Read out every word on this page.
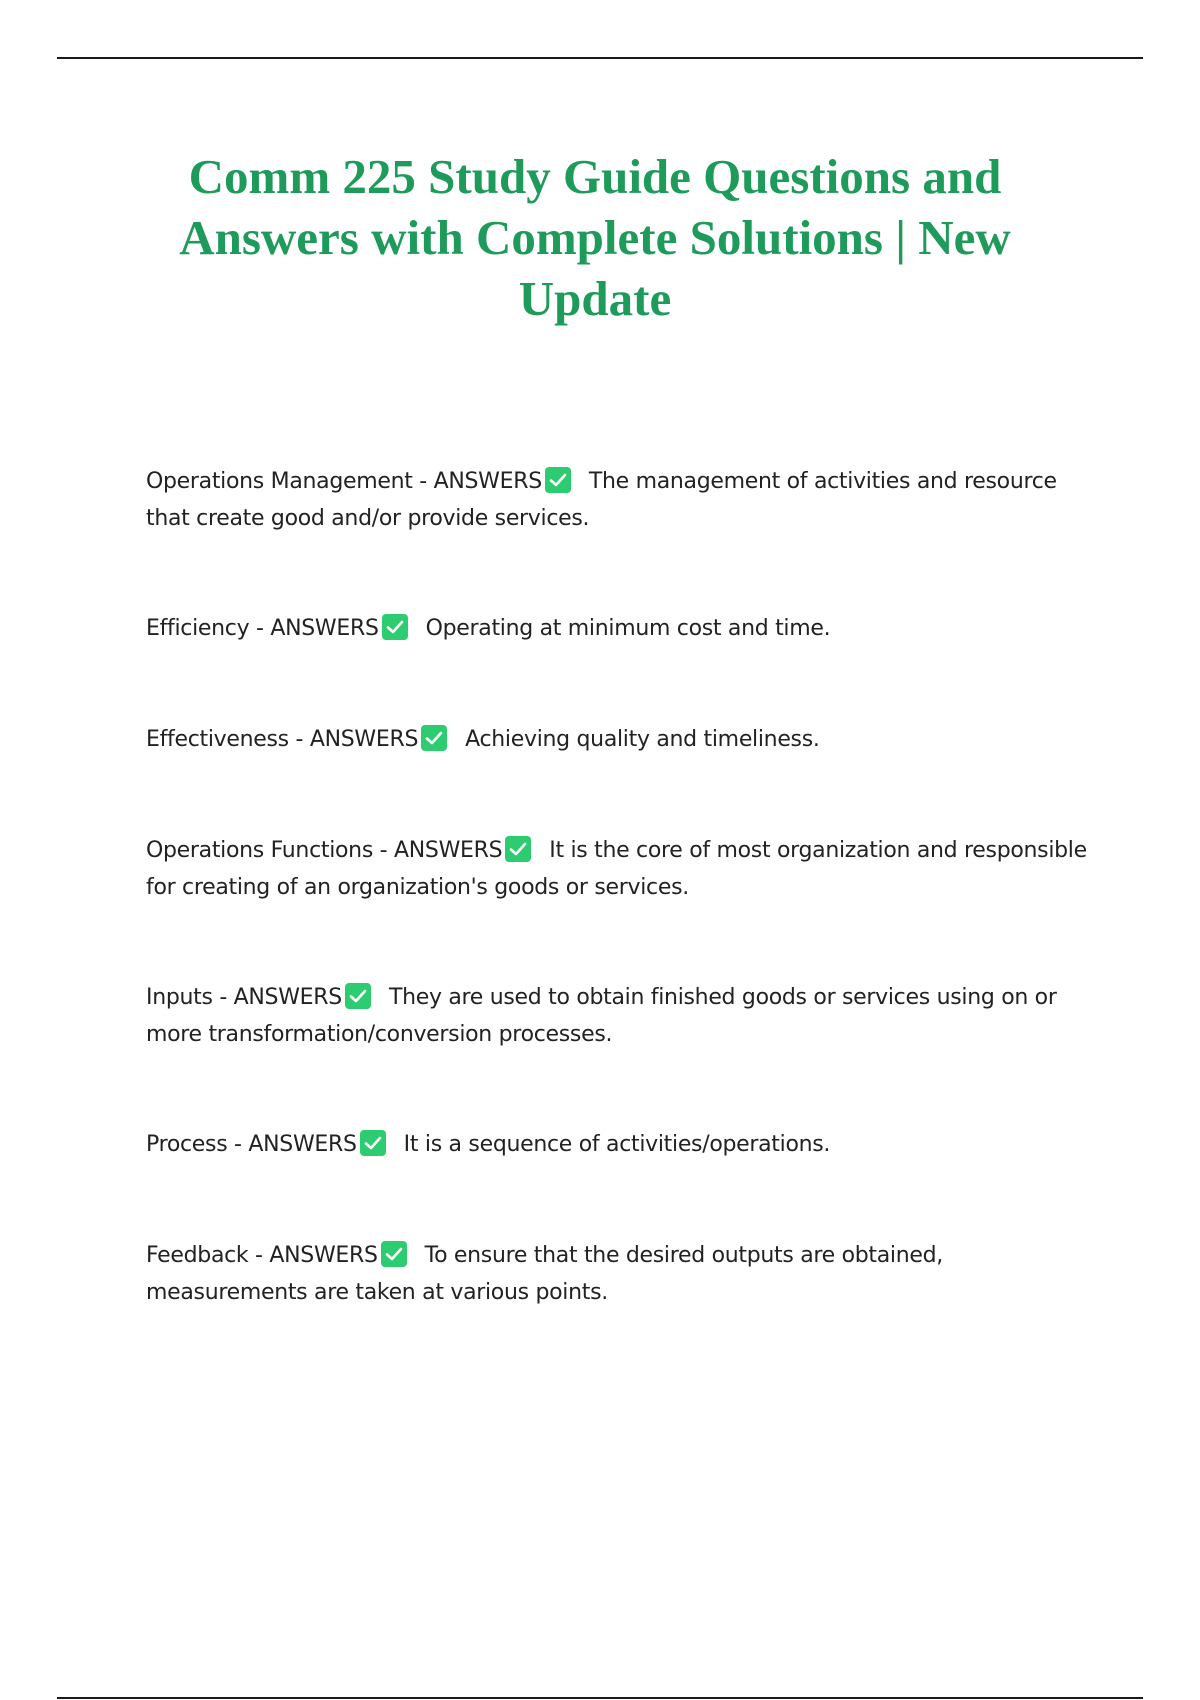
Comm 225 Study Guide Questions and Answers with Complete Solutions | New Update

Operations Management - ANSWERS The management of activities and resource that create good and/or provide services.

Efficiency - ANSWERS Operating at minimum cost and time.

Effectiveness - ANSWERS Achieving quality and timeliness.

Operations Functions - ANSWERS It is the core of most organization and responsible for creating of an organization's goods or services.

Inputs - ANSWERS They are used to obtain finished goods or services using on or more transformation/conversion processes.

Process - ANSWERS It is a sequence of activities/operations.

Feedback - ANSWERS To ensure that the desired outputs are obtained, measurements are taken at various points.
